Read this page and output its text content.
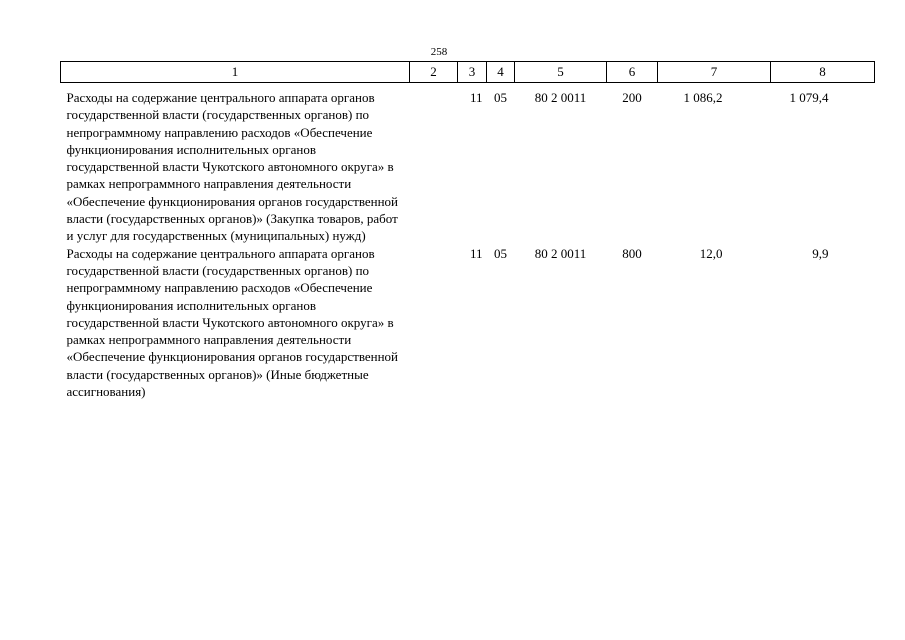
258
1	2	3	4	5	6	7	8
Расходы на содержание центрального аппарата органов государственной власти (государственных органов) по непрограммному направлению расходов «Обеспечение функционирования исполнительных органов государственной власти Чукотского автономного округа» в рамках непрограммного направления деятельности «Обеспечение функционирования органов государственной власти (государственных органов)» (Закупка товаров, работ и услуг для государственных (муниципальных) нужд)		11	05	80 2 0011	200	1 086,2	1 079,4
Расходы на содержание центрального аппарата органов государственной власти (государственных органов) по непрограммному направлению расходов «Обеспечение функционирования исполнительных органов государственной власти Чукотского автономного округа» в рамках непрограммного направления деятельности «Обеспечение функционирования органов государственной власти (государственных органов)» (Иные бюджетные ассигнования)		11	05	80 2 0011	800	12,0	9,9
